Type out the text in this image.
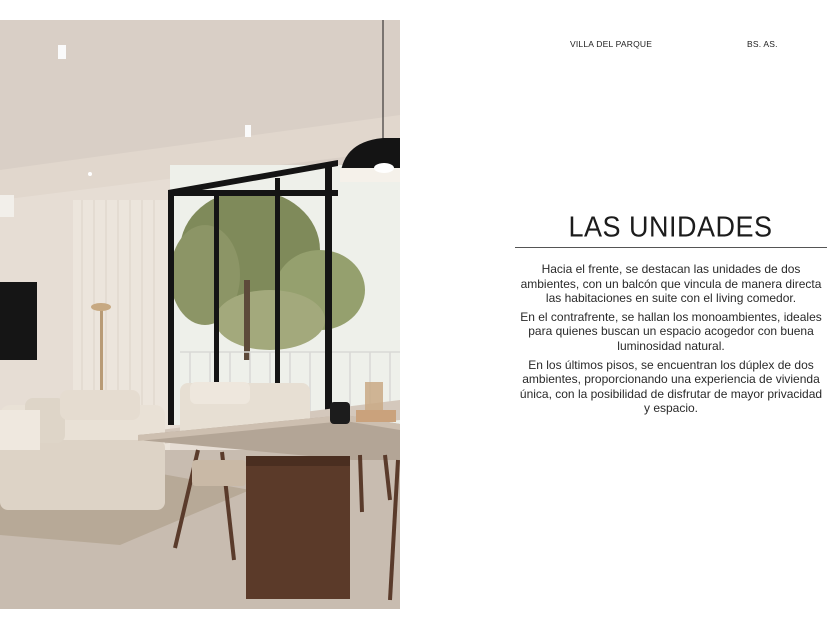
VILLA DEL PARQUE	BS. AS.
LAS UNIDADES

Hacia el frente, se destacan las unidades de dos ambientes, con un balcón que vincula de manera directa las habitaciones en suite con el living comedor.

En el contrafrente, se hallan los monoambientes, ideales para quienes buscan un espacio acogedor con buena luminosidad natural.

En los últimos pisos, se encuentran los dúplex de dos ambientes, proporcionando una experiencia de vivienda única, con la posibilidad de disfrutar de mayor privacidad y espacio.
